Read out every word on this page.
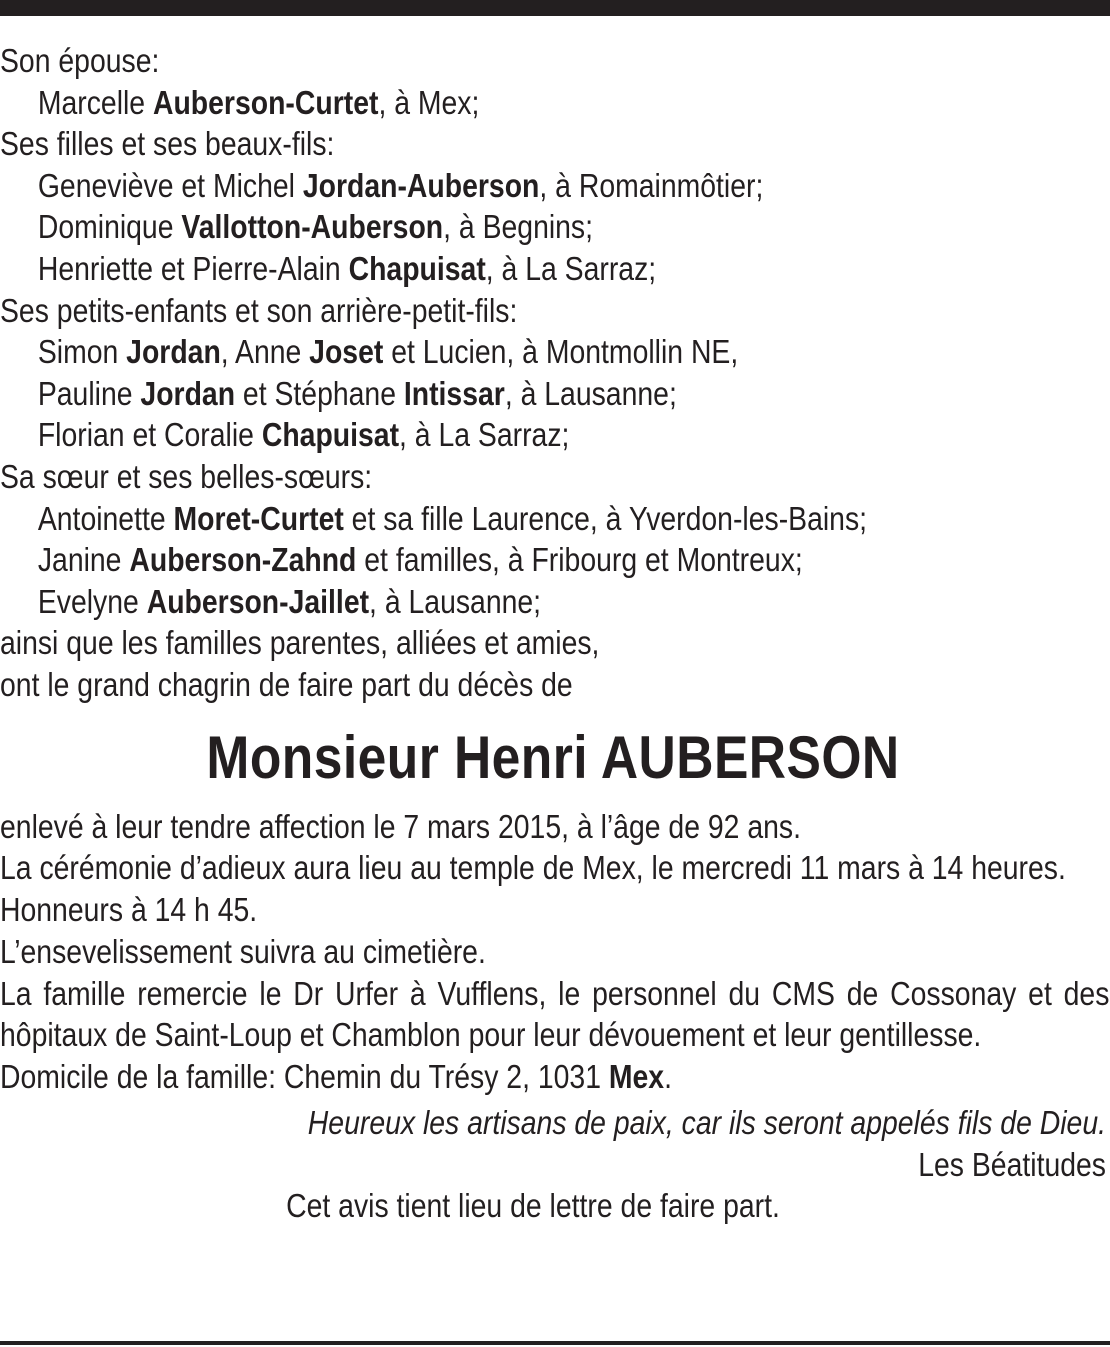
Son épouse:
Marcelle Auberson-Curtet, à Mex;
Ses filles et ses beaux-fils:
Geneviève et Michel Jordan-Auberson, à Romainmôtier;
Dominique Vallotton-Auberson, à Begnins;
Henriette et Pierre-Alain Chapuisat, à La Sarraz;
Ses petits-enfants et son arrière-petit-fils:
Simon Jordan, Anne Joset et Lucien, à Montmollin NE,
Pauline Jordan et Stéphane Intissar, à Lausanne;
Florian et Coralie Chapuisat, à La Sarraz;
Sa sœur et ses belles-sœurs:
Antoinette Moret-Curtet et sa fille Laurence, à Yverdon-les-Bains;
Janine Auberson-Zahnd et familles, à Fribourg et Montreux;
Evelyne Auberson-Jaillet, à Lausanne;
ainsi que les familles parentes, alliées et amies,
ont le grand chagrin de faire part du décès de
Monsieur Henri AUBERSON
enlevé à leur tendre affection le 7 mars 2015, à l’âge de 92 ans.
La cérémonie d’adieux aura lieu au temple de Mex, le mercredi 11 mars à 14 heures.
Honneurs à 14 h 45.
L’ensevelissement suivra au cimetière.
La famille remercie le Dr Urfer à Vufflens, le personnel du CMS de Cossonay et des hôpitaux de Saint-Loup et Chamblon pour leur dévouement et leur gentillesse.
Domicile de la famille: Chemin du Trésy 2, 1031 Mex.
Heureux les artisans de paix, car ils seront appelés fils de Dieu.
Les Béatitudes
Cet avis tient lieu de lettre de faire part.
